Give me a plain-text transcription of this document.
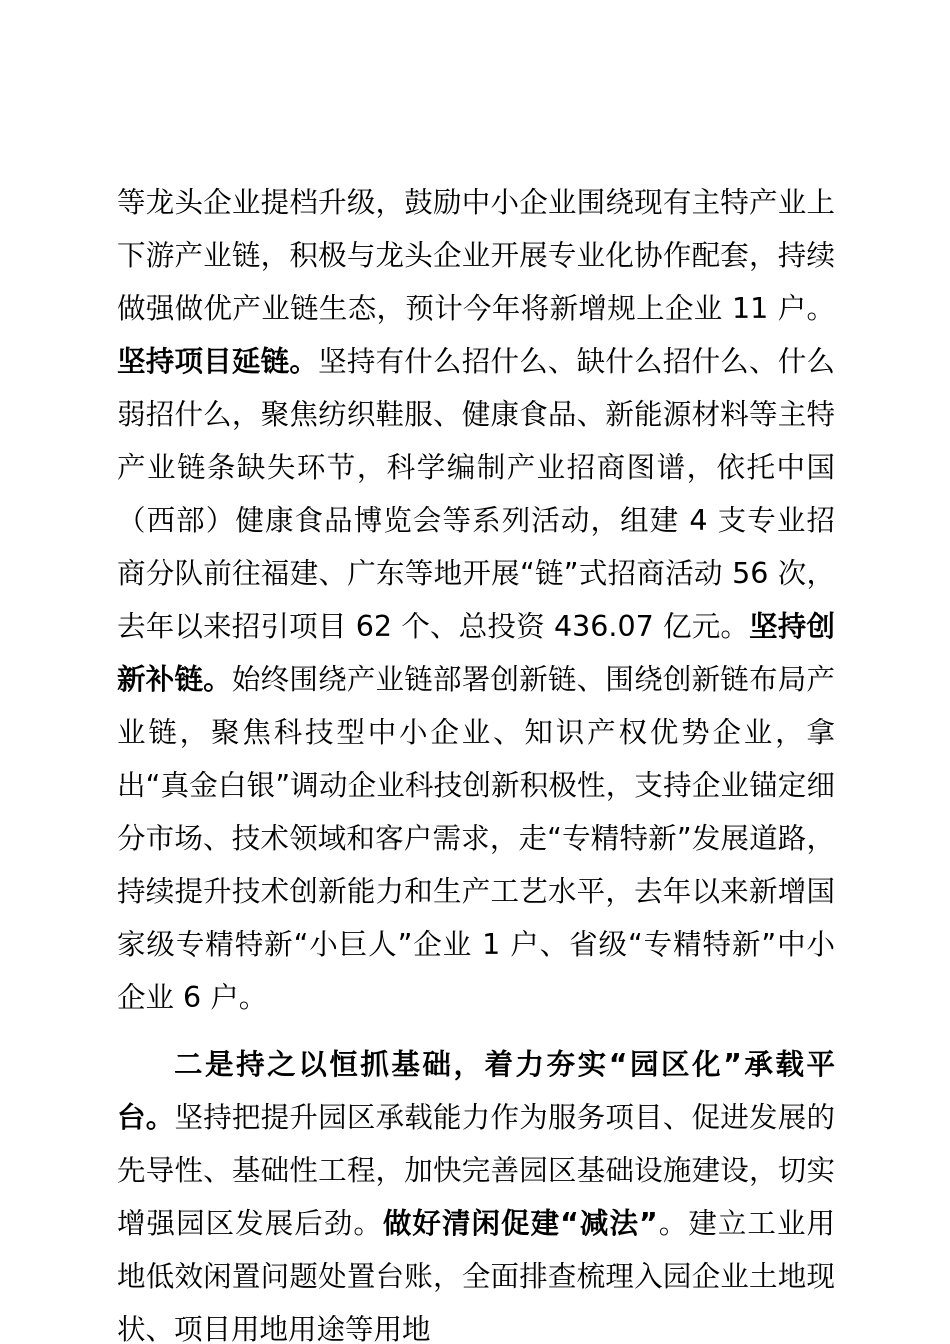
等龙头企业提档升级，鼓励中小企业围绕现有主特产业上下游产业链，积极与龙头企业开展专业化协作配套，持续做强做优产业链生态，预计今年将新增规上企业 11 户。坚持项目延链。坚持有什么招什么、缺什么招什么、什么弱招什么，聚焦纺织鞋服、健康食品、新能源材料等主特产业链条缺失环节，科学编制产业招商图谱，依托中国（西部）健康食品博览会等系列活动，组建 4 支专业招商分队前往福建、广东等地开展“链”式招商活动 56 次，去年以来招引项目 62 个、总投资 436.07 亿元。坚持创新补链。始终围绕产业链部署创新链、围绕创新链布局产业链，聚焦科技型中小企业、知识产权优势企业，拿出“真金白银”调动企业科技创新积极性，支持企业锚定细分市场、技术领域和客户需求，走“专精特新”发展道路，持续提升技术创新能力和生产工艺水平，去年以来新增国家级专精特新“小巨人”企业 1 户、省级“专精特新”中小企业 6 户。

二是持之以恒抓基础，着力夯实“园区化”承载平台。坚持把提升园区承载能力作为服务项目、促进发展的先导性、基础性工程，加快完善园区基础设施建设，切实增强园区发展后劲。做好清闲促建“减法”。建立工业用地低效闲置问题处置台账，全面排查梳理入园企业土地现状、项目用地用途等用地
